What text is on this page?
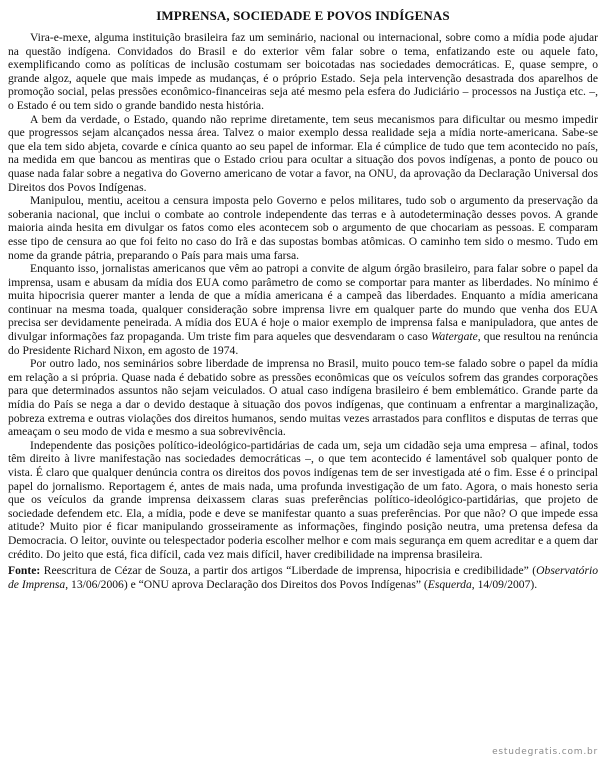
IMPRENSA, SOCIEDADE E POVOS INDÍGENAS

Vira-e-mexe, alguma instituição brasileira faz um seminário, nacional ou internacional, sobre como a mídia pode ajudar na questão indígena. Convidados do Brasil e do exterior vêm falar sobre o tema, enfatizando este ou aquele fato, exemplificando como as políticas de inclusão costumam ser boicotadas nas sociedades democráticas. E, quase sempre, o grande algoz, aquele que mais impede as mudanças, é o próprio Estado. Seja pela intervenção desastrada dos aparelhos de promoção social, pelas pressões econômico-financeiras seja até mesmo pela esfera do Judiciário – processos na Justiça etc. –, o Estado é ou tem sido o grande bandido nesta história.

A bem da verdade, o Estado, quando não reprime diretamente, tem seus mecanismos para dificultar ou mesmo impedir que progressos sejam alcançados nessa área. Talvez o maior exemplo dessa realidade seja a mídia norte-americana. Sabe-se que ela tem sido abjeta, covarde e cínica quanto ao seu papel de informar. Ela é cúmplice de tudo que tem acontecido no país, na medida em que bancou as mentiras que o Estado criou para ocultar a situação dos povos indígenas, a ponto de pouco ou quase nada falar sobre a negativa do Governo americano de votar a favor, na ONU, da aprovação da Declaração Universal dos Direitos dos Povos Indígenas.

Manipulou, mentiu, aceitou a censura imposta pelo Governo e pelos militares, tudo sob o argumento da preservação da soberania nacional, que inclui o combate ao controle independente das terras e à autodeterminação desses povos. A grande maioria ainda hesita em divulgar os fatos como eles acontecem sob o argumento de que chocariam as pessoas. E comparam esse tipo de censura ao que foi feito no caso do Irã e das supostas bombas atômicas. O caminho tem sido o mesmo. Tudo em nome da grande pátria, preparando o País para mais uma farsa.

Enquanto isso, jornalistas americanos que vêm ao patropi a convite de algum órgão brasileiro, para falar sobre o papel da imprensa, usam e abusam da mídia dos EUA como parâmetro de como se comportar para manter as liberdades. No mínimo é muita hipocrisia querer manter a lenda de que a mídia americana é a campeã das liberdades. Enquanto a mídia americana continuar na mesma toada, qualquer consideração sobre imprensa livre em qualquer parte do mundo que venha dos EUA precisa ser devidamente peneirada. A mídia dos EUA é hoje o maior exemplo de imprensa falsa e manipuladora, que antes de divulgar informações faz propaganda. Um triste fim para aqueles que desvendaram o caso Watergate, que resultou na renúncia do Presidente Richard Nixon, em agosto de 1974.

Por outro lado, nos seminários sobre liberdade de imprensa no Brasil, muito pouco tem-se falado sobre o papel da mídia em relação a si própria. Quase nada é debatido sobre as pressões econômicas que os veículos sofrem das grandes corporações para que determinados assuntos não sejam veiculados. O atual caso indígena brasileiro é bem emblemático. Grande parte da mídia do País se nega a dar o devido destaque à situação dos povos indígenas, que continuam a enfrentar a marginalização, pobreza extrema e outras violações dos direitos humanos, sendo muitas vezes arrastados para conflitos e disputas de terras que ameaçam o seu modo de vida e mesmo a sua sobrevivência.

Independente das posições político-ideológico-partidárias de cada um, seja um cidadão seja uma empresa – afinal, todos têm direito à livre manifestação nas sociedades democráticas –, o que tem acontecido é lamentável sob qualquer ponto de vista. É claro que qualquer denúncia contra os direitos dos povos indígenas tem de ser investigada até o fim. Esse é o principal papel do jornalismo. Reportagem é, antes de mais nada, uma profunda investigação de um fato. Agora, o mais honesto seria que os veículos da grande imprensa deixassem claras suas preferências político-ideológico-partidárias, que projeto de sociedade defendem etc. Ela, a mídia, pode e deve se manifestar quanto a suas preferências. Por que não? O que impede essa atitude? Muito pior é ficar manipulando grosseiramente as informações, fingindo posição neutra, uma pretensa defesa da Democracia. O leitor, ouvinte ou telespectador poderia escolher melhor e com mais segurança em quem acreditar e a quem dar crédito. Do jeito que está, fica difícil, cada vez mais difícil, haver credibilidade na imprensa brasileira.

Fonte: Reescritura de Cézar de Souza, a partir dos artigos “Liberdade de imprensa, hipocrisia e credibilidade” (Observatório de Imprensa, 13/06/2006) e “ONU aprova Declaração dos Direitos dos Povos Indígenas” (Esquerda, 14/09/2007).

estudegratis.com.br
